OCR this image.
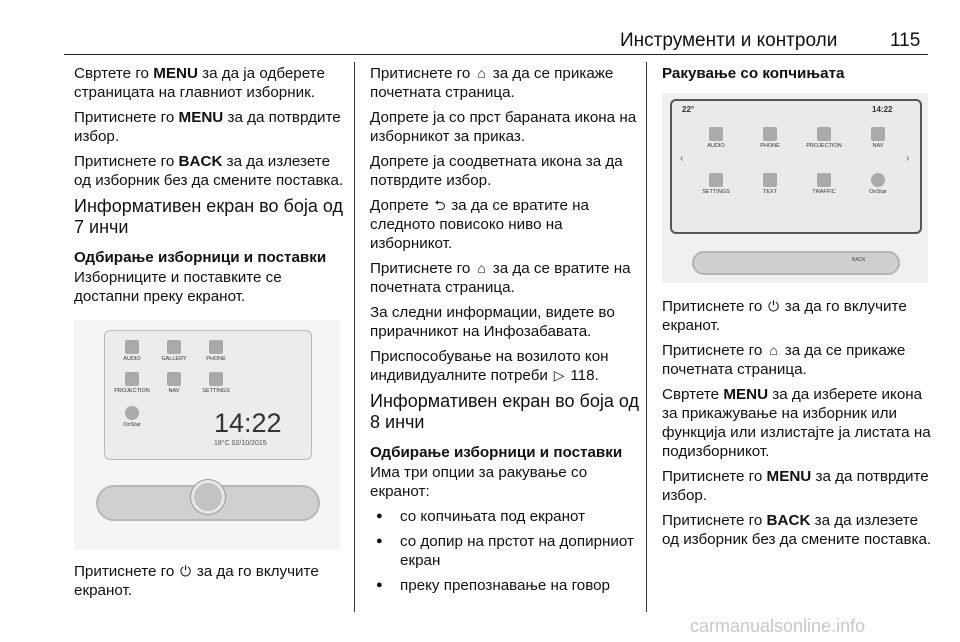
Инструменти и контроли	115

Свртете го MENU за да ја одберете страницата на главниот изборник.

Притиснете го MENU за да потврдите избор.

Притиснете го BACK за да излезете од изборник без да смените поставка.

Информативен екран во боја од 7 инчи
Одбирање изборници и поставки

Изборниците и поставките се достапни преку екранот.

AUDIO	GALLERY	PHONE
PROJECTION	NAV	SETTINGS
OnStar	14:22
18°C 02/10/2015

Притиснете го ⏻ за да го вклучите екранот.

Притиснете го ⌂ за да се прикаже почетната страница.

Допрете ја со прст бараната икона на изборникот за приказ.

Допрете ја соодветната икона за да потврдите избор.

Допрете ⮌ за да се вратите на следното повисоко ниво на изборникот.

Притиснете го ⌂ за да се вратите на почетната страница.

За следни информации, видете во прирачникот на Инфозабавата.

Приспособување на возилото кон индивидуалните потреби ▷ 118.

Информативен екран во боја од 8 инчи
Одбирање изборници и поставки

Има три опции за ракување со екранот:

● со копчињата под екранот
● со допир на прстот на допирниот екран
● преку препознавање на говор
Ракување со копчињата
22°	14:22
‹	›
AUDIO	PHONE	PROJECTION	NAV
SETTINGS	TEXT	TRAFFIC	OnStar
BACK

Притиснете го ⏻ за да го вклучите екранот.

Притиснете го ⌂ за да се прикаже почетната страница.

Свртете MENU за да изберете икона за прикажување на изборник или функција или излистајте ја листата на подизборникот.

Притиснете го MENU за да потврдите избор.

Притиснете го BACK за да излезете од изборник без да смените поставка.

carmanualsonline.info
